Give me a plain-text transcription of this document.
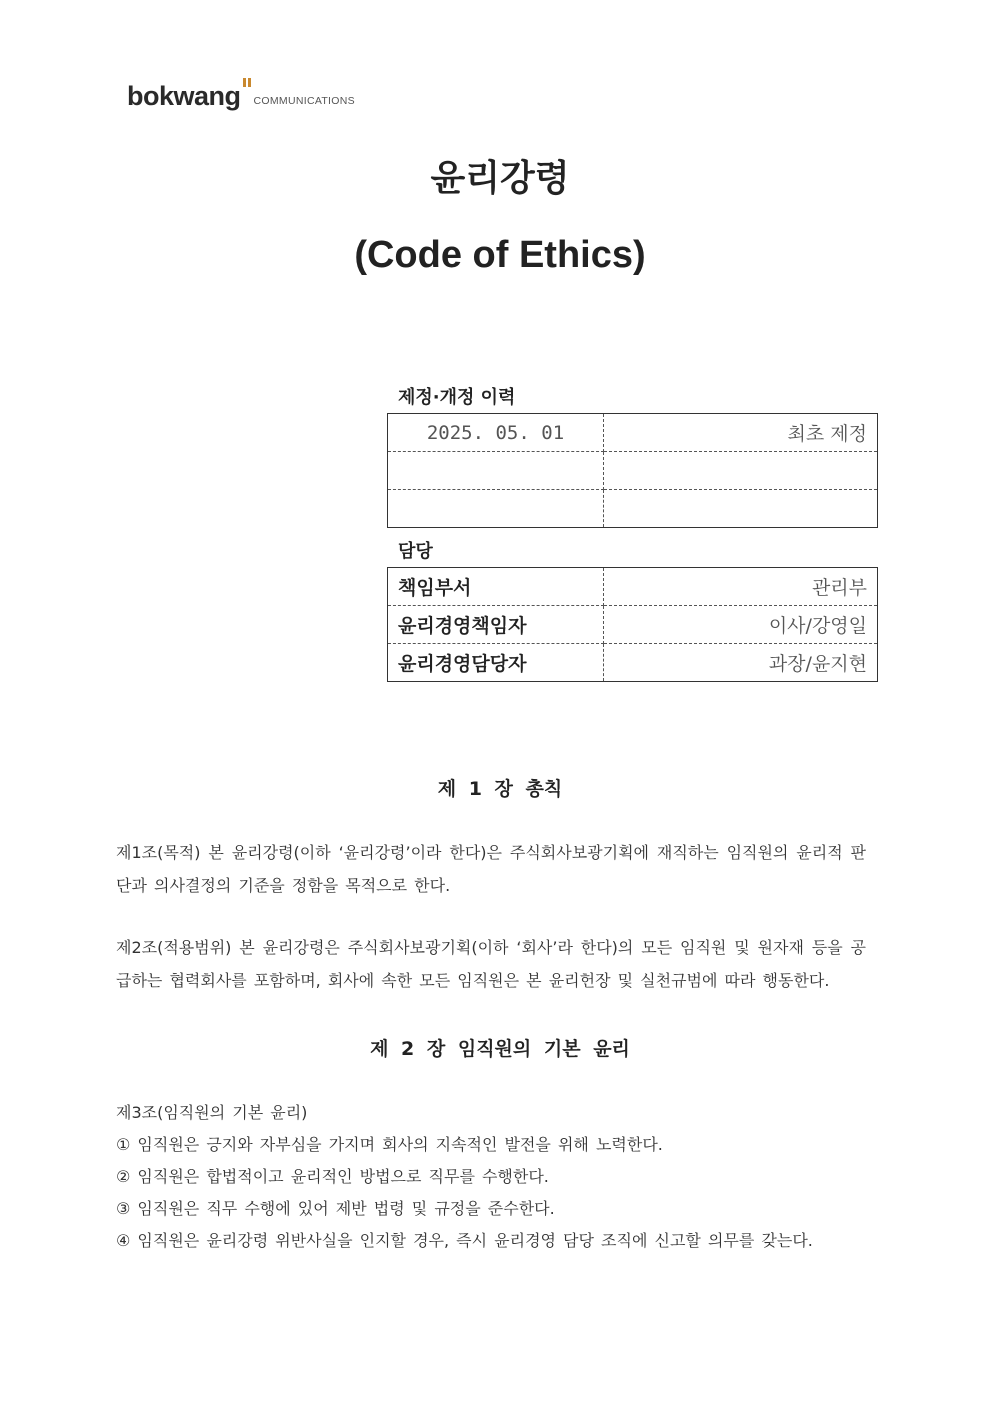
bokwang COMMUNICATIONS
윤리강령
(Code of Ethics)
제정·개정 이력
2025. 05. 01	최초 제정

담당
책임부서	관리부
윤리경영책임자	이사/강영일
윤리경영담당자	과장/윤지현
제 1 장 총칙
제1조(목적) 본 윤리강령(이하 ‘윤리강령’이라 한다)은 주식회사보광기획에 재직하는 임직원의 윤리적 판단과 의사결정의 기준을 정함을 목적으로 한다.
제2조(적용범위) 본 윤리강령은 주식회사보광기획(이하 ‘회사’라 한다)의 모든 임직원 및 원자재 등을 공급하는 협력회사를 포함하며, 회사에 속한 모든 임직원은 본 윤리헌장 및 실천규범에 따라 행동한다.
제 2 장 임직원의 기본 윤리
제3조(임직원의 기본 윤리)
① 임직원은 긍지와 자부심을 가지며 회사의 지속적인 발전을 위해 노력한다.
② 임직원은 합법적이고 윤리적인 방법으로 직무를 수행한다.
③ 임직원은 직무 수행에 있어 제반 법령 및 규정을 준수한다.
④ 임직원은 윤리강령 위반사실을 인지할 경우, 즉시 윤리경영 담당 조직에 신고할 의무를 갖는다.
